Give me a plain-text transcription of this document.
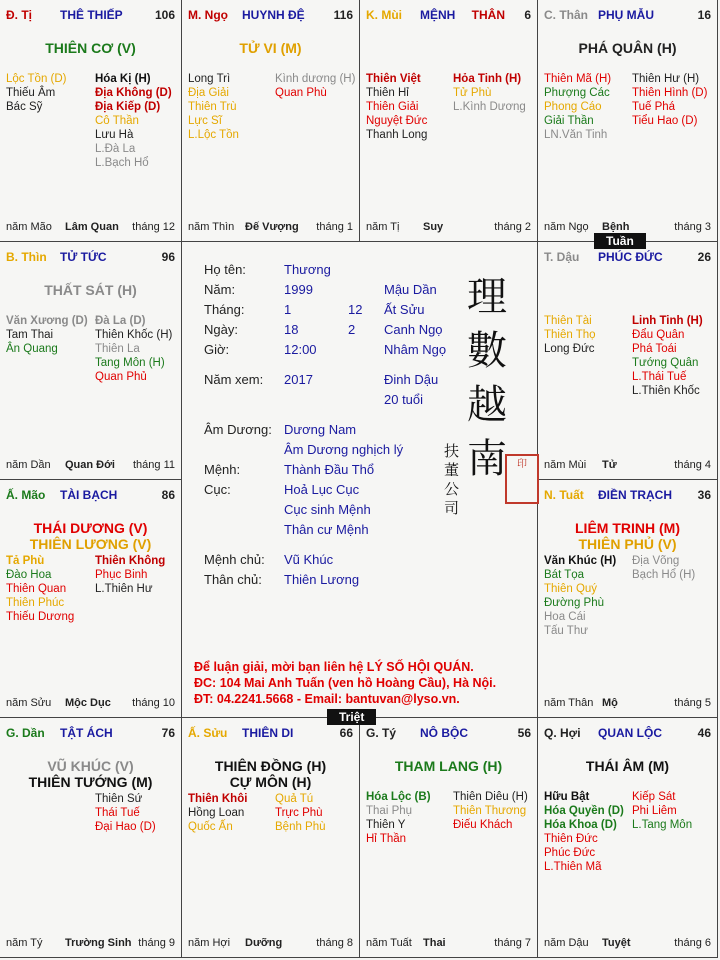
Đ. Tị THÊ THIẾP	106
THIÊN CƠ (V)
Lộc Tồn (D)
Thiếu Âm
Bác Sỹ
Hóa Kị (H)
Địa Không (D)
Địa Kiếp (D)
Cô Thần
Lưu Hà
L.Đà La
L.Bạch Hổ
năm Mão Lâm Quan tháng 12
M. Ngọ HUYNH ĐỆ 116
TỬ VI (M)
Long Trì
Địa Giải
Thiên Trù
Lực Sĩ
L.Lộc Tồn
Kình dương (H)
Quan Phù
năm Thìn Đế Vượng tháng 1
K. Mùi MỆNH THÂN 6
Thiên Việt
Thiên Hỉ
Thiên Giải
Nguyệt Đức
Thanh Long
Hỏa Tinh (H)
Tử Phù
L.Kình Dương
năm Tị Suy	tháng 2
C. Thân PHỤ MẪU	16
PHÁ QUÂN (H)
Thiên Mã (H)
Phượng Các
Phong Cáo
Giải Thần
LN.Văn Tinh
Thiên Hư (H)
Thiên Hình (D)
Tuế Phá
Tiểu Hao (D)
năm Ngọ Bệnh	tháng 3
B. Thìn TỬ TỨC	96
THẤT SÁT (H)
Văn Xương (D)
Tam Thai
Ân Quang
Đà La (D)
Thiên Khốc (H)
Thiên La
Tang Môn (H)
Quan Phủ
năm Dần Quan Đới tháng 11
T. Dậu PHÚC ĐỨC	26
Thiên Tài
Thiên Thọ
Long Đức
Linh Tinh (H)
Đẩu Quân
Phá Toái
Tướng Quân
L.Thái Tuế
L.Thiên Khốc
năm Mùi Tử	tháng 4
Ấ. Mão TÀI BẠCH	86
THÁI DƯƠNG (V)
THIÊN LƯƠNG (V)
Tả Phù
Đào Hoa
Thiên Quan
Thiên Phúc
Thiếu Dương
Thiên Không
Phục Binh
L.Thiên Hư
năm Sửu Mộc Dục tháng 10
N. Tuất ĐIỀN TRẠCH 36
LIÊM TRINH (M)
THIÊN PHỦ (V)
Văn Khúc (H)
Bát Tọa
Thiên Quý
Đường Phù
Hoa Cái
Tấu Thư
Địa Võng
Bạch Hổ (H)
năm Thân Mộ	tháng 5
G. Dần TẬT ÁCH	76
VŨ KHÚC (V)
THIÊN TƯỚNG (M)
Thiên Sứ
Thái Tuế
Đại Hao (D)
năm Tý Trường Sinh tháng 9
Ấ. Sửu THIÊN DI	66
THIÊN ĐỒNG (H)
CỰ MÔN (H)
Thiên Khôi
Hồng Loan
Quốc Ấn
Quả Tú
Trực Phù
Bệnh Phù
năm Hợi Dưỡng	tháng 8
G. Tý NÔ BỘC	56
THAM LANG (H)
Hóa Lộc (B)
Thai Phụ
Thiên Y
Hỉ Thần
Thiên Diêu (H)
Thiên Thương
Điếu Khách
năm Tuất Thai	tháng 7
Q. Hợi QUAN LỘC	46
THÁI ÂM (M)
Hữu Bật
Hóa Quyền (D)
Hóa Khoa (D)
Thiên Đức
Phúc Đức
L.Thiên Mã
Kiếp Sát
Phi Liêm
L.Tang Môn
năm Dậu Tuyệt	tháng 6
Họ tên:	Thương
Năm:	1999	Mậu Dần
Tháng:	1	12 Ất Sửu
Ngày:	18	2 Canh Ngọ
Giờ:	12:00	Nhâm Ngọ
Năm xem: 2017	Đinh Dậu
20 tuổi
Âm Dương: Dương Nam
Âm Dương nghịch lý
Mệnh:	Thành Đầu Thổ
Cục:	Hoả Lục Cục
Cục sinh Mệnh
Thân cư Mệnh
Mệnh chủ: Vũ Khúc
Thân chủ: Thiên Lương
理
數
越
南
扶
董
公
司
印
Để luận giải, mời bạn liên hệ LÝ SỐ HỘI QUÁN.
ĐC: 104 Mai Anh Tuấn (ven hồ Hoàng Cầu), Hà Nội.
ĐT: 04.2241.5668 - Email: bantuvan@lyso.vn.
Tuần
Triệt
